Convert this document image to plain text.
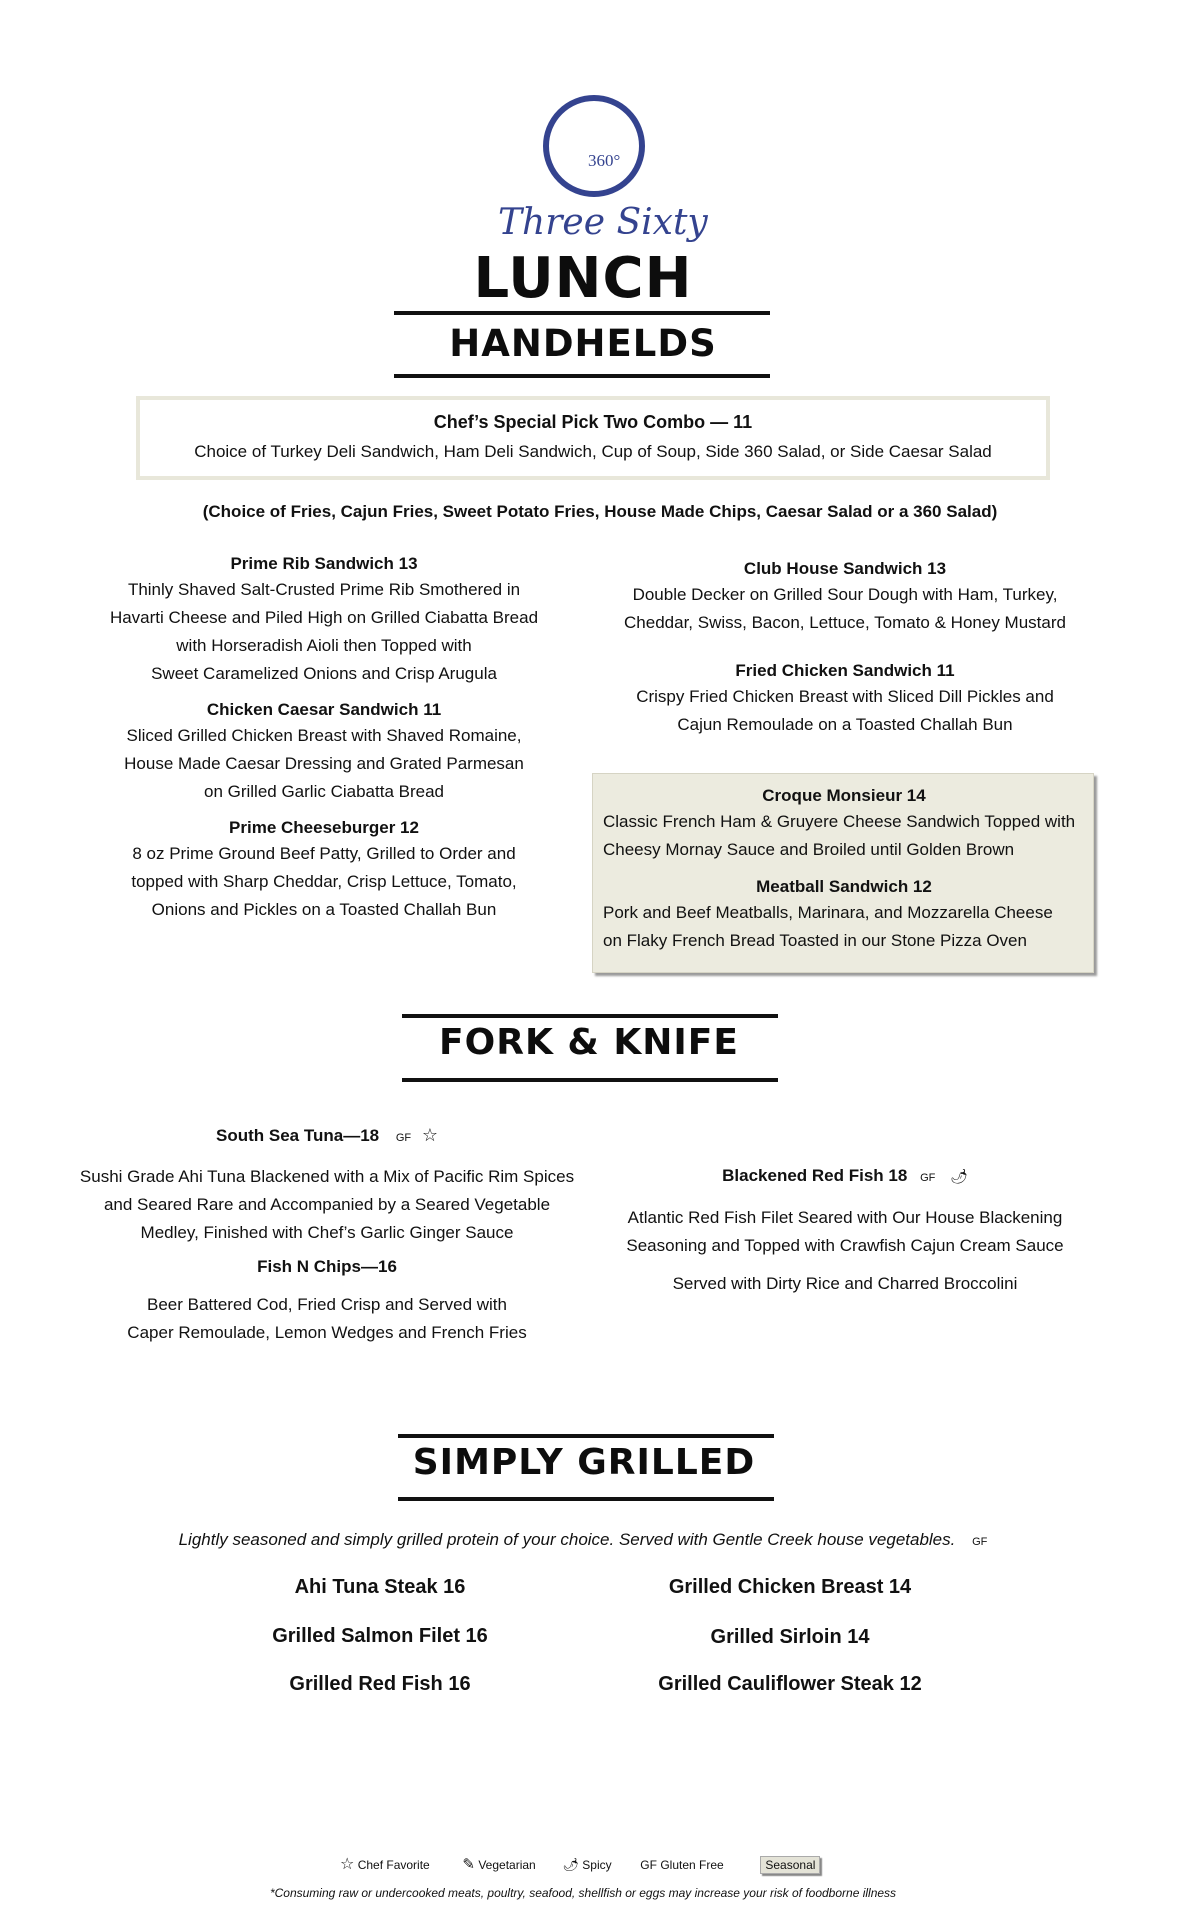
360°
Three Sixty
LUNCH
HANDHELDS
Chef’s Special Pick Two Combo — 11
Choice of Turkey Deli Sandwich, Ham Deli Sandwich, Cup of Soup, Side 360 Salad, or Side Caesar Salad
(Choice of Fries, Cajun Fries, Sweet Potato Fries, House Made Chips, Caesar Salad or a 360 Salad)
Prime Rib Sandwich 13
Thinly Shaved Salt-Crusted Prime Rib Smothered in
Havarti Cheese and Piled High on Grilled Ciabatta Bread
with Horseradish Aioli then Topped with
Sweet Caramelized Onions and Crisp Arugula
Chicken Caesar Sandwich 11
Sliced Grilled Chicken Breast with Shaved Romaine,
House Made Caesar Dressing and Grated Parmesan
on Grilled Garlic Ciabatta Bread
Prime Cheeseburger 12
8 oz Prime Ground Beef Patty, Grilled to Order and
topped with Sharp Cheddar, Crisp Lettuce, Tomato,
Onions and Pickles on a Toasted Challah Bun
Club House Sandwich 13
Double Decker on Grilled Sour Dough with Ham, Turkey,
Cheddar, Swiss, Bacon, Lettuce, Tomato & Honey Mustard
Fried Chicken Sandwich 11
Crispy Fried Chicken Breast with Sliced Dill Pickles and
Cajun Remoulade on a Toasted Challah Bun
Croque Monsieur 14
Classic French Ham & Gruyere Cheese Sandwich Topped with
Cheesy Mornay Sauce and Broiled until Golden Brown
Meatball Sandwich 12
Pork and Beef Meatballs, Marinara, and Mozzarella Cheese
on Flaky French Bread Toasted in our Stone Pizza Oven
FORK & KNIFE
South Sea Tuna—18 GF ☆
Sushi Grade Ahi Tuna Blackened with a Mix of Pacific Rim Spices
and Seared Rare and Accompanied by a Seared Vegetable
Medley, Finished with Chef’s Garlic Ginger Sauce
Fish N Chips—16
Beer Battered Cod, Fried Crisp and Served with
Caper Remoulade, Lemon Wedges and French Fries
Blackened Red Fish 18 GF 🌶︎
Atlantic Red Fish Filet Seared with Our House Blackening
Seasoning and Topped with Crawfish Cajun Cream Sauce
Served with Dirty Rice and Charred Broccolini
SIMPLY GRILLED
Lightly seasoned and simply grilled protein of your choice. Served with Gentle Creek house vegetables. GF
Ahi Tuna Steak 16
Grilled Salmon Filet 16
Grilled Red Fish 16
Grilled Chicken Breast 14
Grilled Sirloin 14
Grilled Cauliflower Steak 12
☆ Chef Favorite ✎ Vegetarian 🌶︎ Spicy GF Gluten Free	Seasonal
*Consuming raw or undercooked meats, poultry, seafood, shellfish or eggs may increase your risk of foodborne illness
